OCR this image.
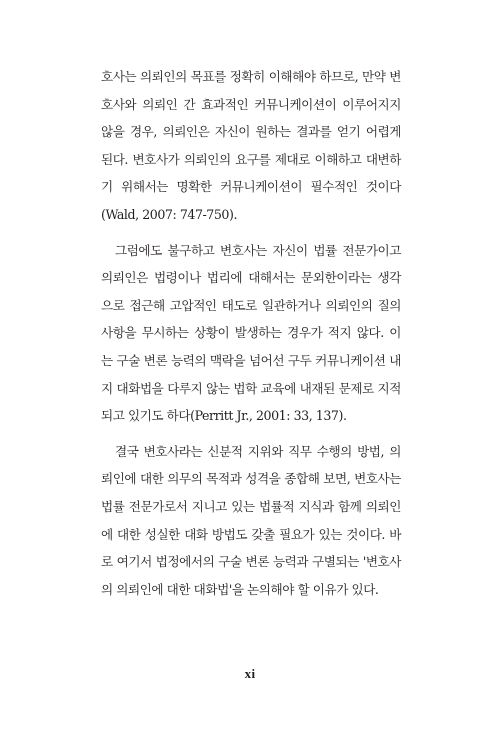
호사는 의뢰인의 목표를 정확히 이해해야 하므로, 만약 변
호사와 의뢰인 간 효과적인 커뮤니케이션이 이루어지지
않을 경우, 의뢰인은 자신이 원하는 결과를 얻기 어렵게
된다. 변호사가 의뢰인의 요구를 제대로 이해하고 대변하
기 위해서는 명확한 커뮤니케이션이 필수적인 것이다
(Wald, 2007: 747-750).
그럼에도 불구하고 변호사는 자신이 법률 전문가이고
의뢰인은 법령이나 법리에 대해서는 문외한이라는 생각
으로 접근해 고압적인 태도로 일관하거나 의뢰인의 질의
사항을 무시하는 상황이 발생하는 경우가 적지 않다. 이
는 구술 변론 능력의 맥락을 넘어선 구두 커뮤니케이션 내
지 대화법을 다루지 않는 법학 교육에 내재된 문제로 지적
되고 있기도 하다(Perritt Jr., 2001: 33, 137).
결국 변호사라는 신분적 지위와 직무 수행의 방법, 의
뢰인에 대한 의무의 목적과 성격을 종합해 보면, 변호사는
법률 전문가로서 지니고 있는 법률적 지식과 함께 의뢰인
에 대한 성실한 대화 방법도 갖출 필요가 있는 것이다. 바
로 여기서 법정에서의 구술 변론 능력과 구별되는 '변호사
의 의뢰인에 대한 대화법'을 논의해야 할 이유가 있다.
xi
